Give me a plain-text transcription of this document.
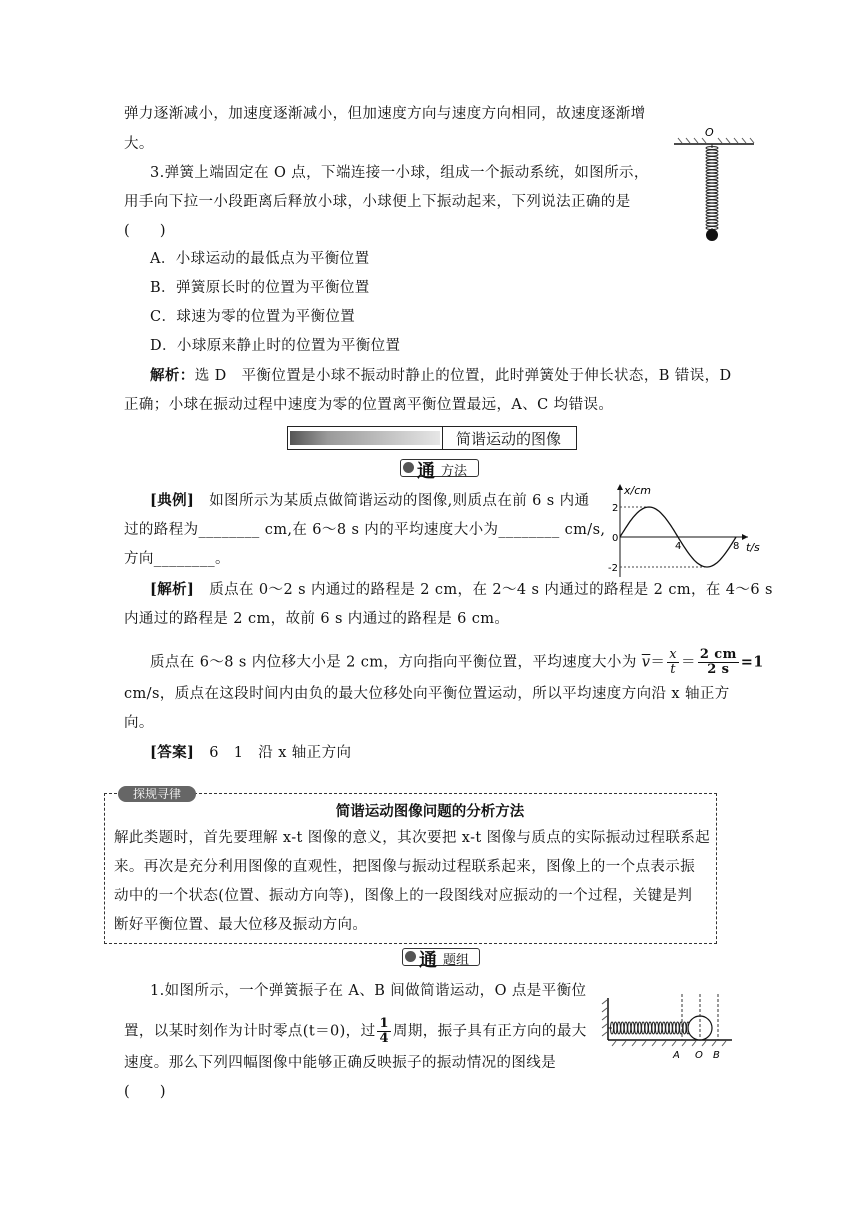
弹力逐渐减小，加速度逐渐减小，但加速度方向与速度方向相同，故速度逐渐增
大。
O
3.弹簧上端固定在 O 点，下端连接一小球，组成一个振动系统，如图所示，
用手向下拉一小段距离后释放小球，小球便上下振动起来，下列说法正确的是
(　　)
A．小球运动的最低点为平衡位置
B．弹簧原长时的位置为平衡位置
C．球速为零的位置为平衡位置
D．小球原来静止时的位置为平衡位置
解析：选 D　平衡位置是小球不振动时静止的位置，此时弹簧处于伸长状态，B 错误，D
正确；小球在振动过程中速度为零的位置离平衡位置最远，A、C 均错误。
简谐运动的图像
通 方法
[典例]　如图所示为某质点做简谐运动的图像,则质点在前 6 s 内通
过的路程为________ cm,在 6～8 s 内的平均速度大小为________ cm/s,
方向________。
x/cm
t/s
2
0
-2
4	8
[解析]　质点在 0～2 s 内通过的路程是 2 cm，在 2～4 s 内通过的路程是 2 cm，在 4～6 s
内通过的路程是 2 cm，故前 6 s 内通过的路程是 6 cm。
质点在 6～8 s 内位移大小是 2 cm，方向指向平衡位置，平均速度大小为 $\overline{v}= \frac{x}{t} = \frac{2 cm}{2 s} =1$
cm/s，质点在这段时间内由负的最大位移处向平衡位置运动，所以平均速度方向沿 x 轴正方
向。
[答案]　6　1　沿 x 轴正方向
探规寻律
简谐运动图像问题的分析方法
解此类题时，首先要理解 x-t 图像的意义，其次要把 x-t 图像与质点的实际振动过程联系起
来。再次是充分利用图像的直观性，把图像与振动过程联系起来，图像上的一个点表示振
动中的一个状态(位置、振动方向等)，图像上的一段图线对应振动的一个过程，关键是判
断好平衡位置、最大位移及振动方向。
通 题组
1.如图所示，一个弹簧振子在 A、B 间做简谐运动，O 点是平衡位
置，以某时刻作为计时零点(t＝0)，过 $\frac{1}{4}$ 周期，振子具有正方向的最大
速度。那么下列四幅图像中能够正确反映振子的振动情况的图线是
(　　)
A O B
